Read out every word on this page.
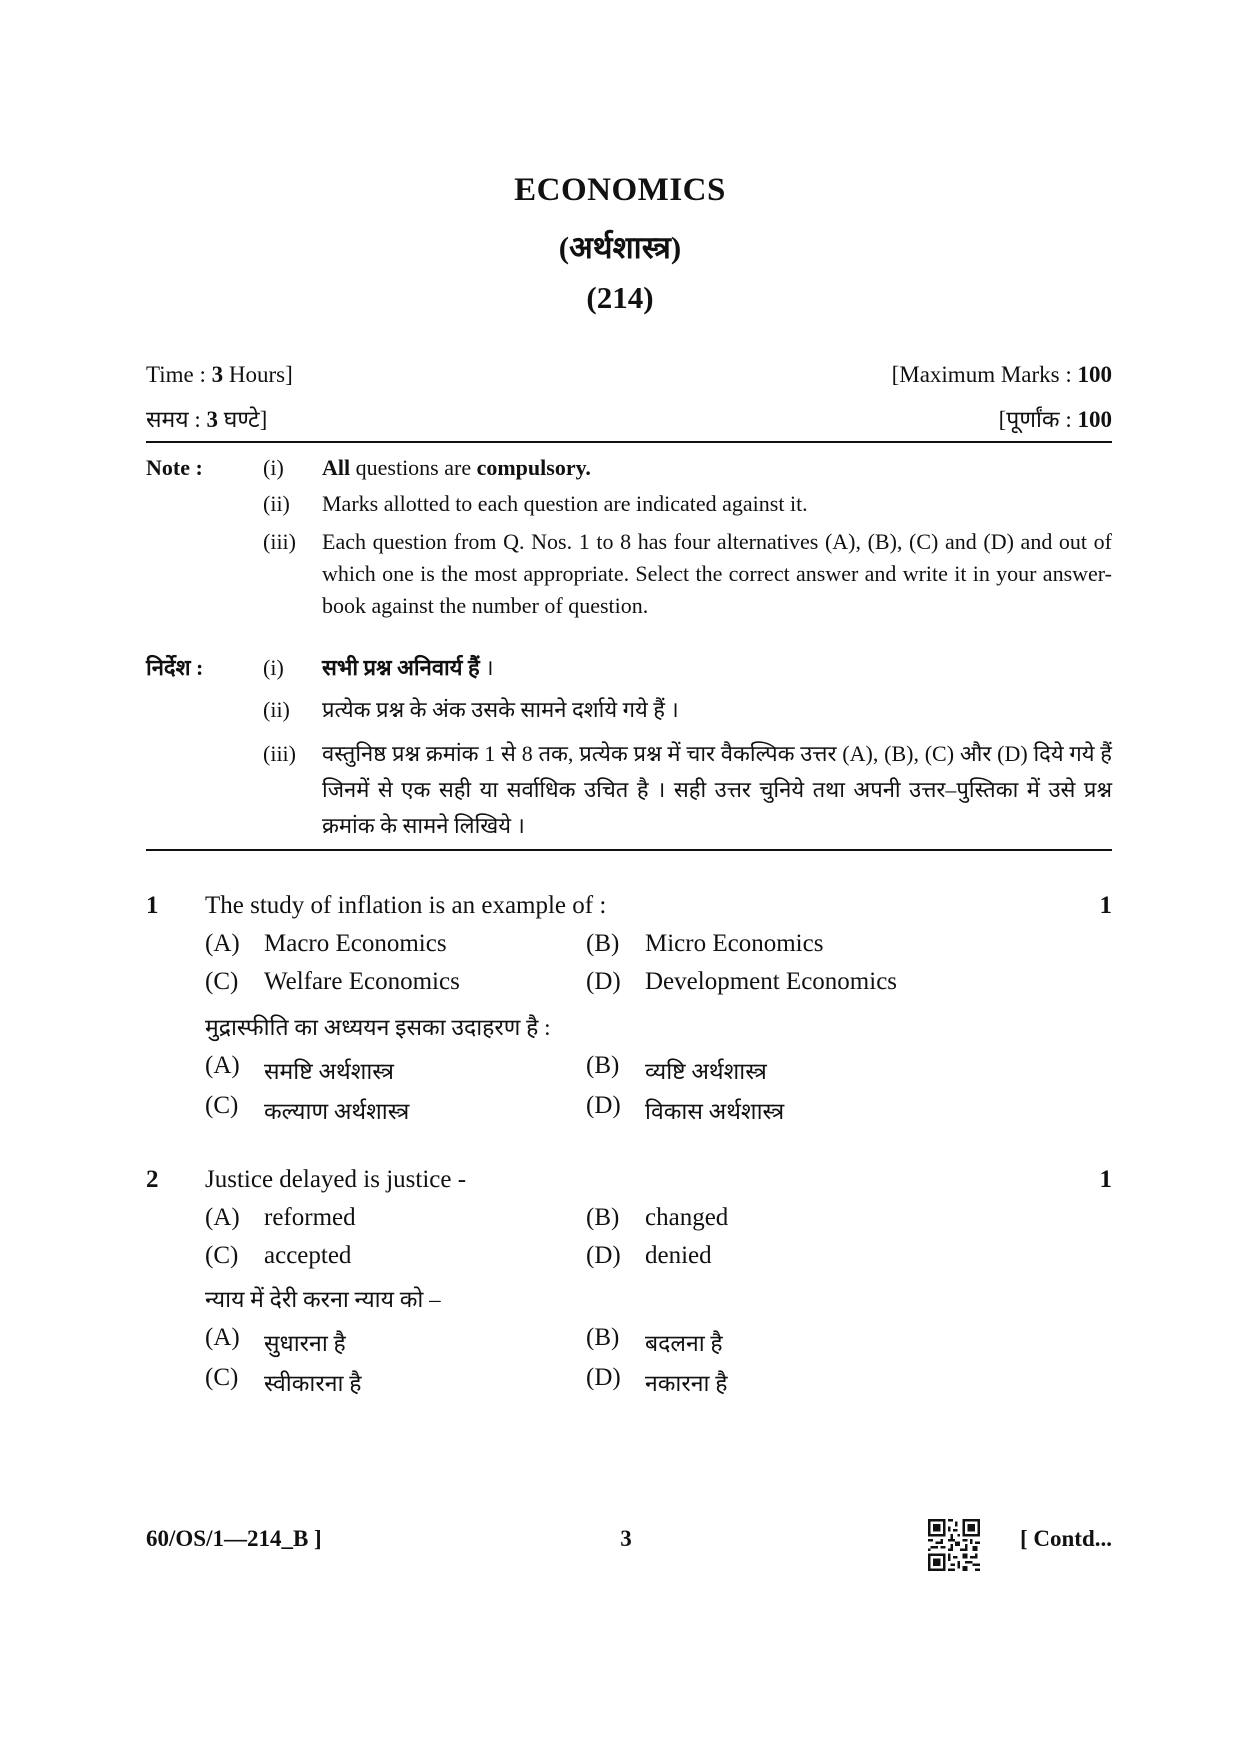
ECONOMICS
(अर्थशास्त्र)
(214)
Time : 3 Hours]	[Maximum Marks : 100
समय : 3 घण्टे]	[पूर्णांक : 100
Note :	(i) All questions are compulsory.
(ii) Marks allotted to each question are indicated against it.
(iii) Each question from Q. Nos. 1 to 8 has four alternatives (A), (B), (C) and (D) and out of which one is the most appropriate. Select the correct answer and write it in your answer-book against the number of question.
निर्देश :	(i) सभी प्रश्न अनिवार्य हैं ।
(ii) प्रत्येक प्रश्न के अंक उसके सामने दर्शाये गये हैं ।
(iii) वस्तुनिष्ठ प्रश्न क्रमांक 1 से 8 तक, प्रत्येक प्रश्न में चार वैकल्पिक उत्तर (A), (B), (C) और (D) दिये गये हैं जिनमें से एक सही या सर्वाधिक उचित है । सही उत्तर चुनिये तथा अपनी उत्तर–पुस्तिका में उसे प्रश्न क्रमांक के सामने लिखिये ।
1 The study of inflation is an example of :	1
(A) Macro Economics	(B) Micro Economics
(C) Welfare Economics	(D) Development Economics
मुद्रास्फीति का अध्ययन इसका उदाहरण है :
(A) समष्टि अर्थशास्त्र	(B) व्यष्टि अर्थशास्त्र
(C) कल्याण अर्थशास्त्र	(D) विकास अर्थशास्त्र
2 Justice delayed is justice -	1
(A) reformed	(B) changed
(C) accepted	(D) denied
न्याय में देरी करना न्याय को –
(A) सुधारना है	(B) बदलना है
(C) स्वीकारना है	(D) नकारना है
60/OS/1—214_B ]	3	[ Contd...
